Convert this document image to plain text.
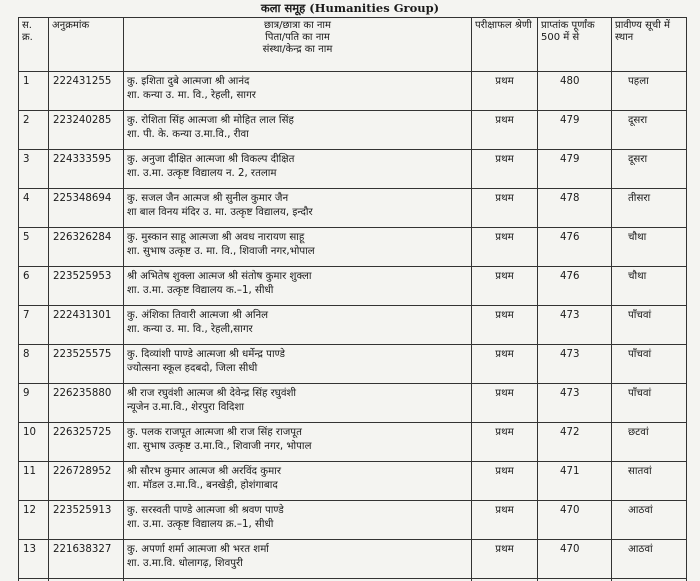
कला समूह (Humanities Group)
स. क्र.	अनुक्रमांक	छात्र/छात्रा का नाम
पिता/पति का नाम
संस्था/केन्द्र का नाम	परीक्षाफल श्रेणी	प्राप्तांक पूर्णांक 500 में से	प्रावीण्य सूची में स्थान
1	222431255	कु. इशिता दुबे आत्मजा श्री आनंद
शा. कन्या उ. मा. वि., रेहली, सागर	प्रथम	480	पहला
2	223240285	कु. रोशिता सिंह आत्मजा श्री मोहित लाल सिंह
शा. पी. के. कन्या उ.मा.वि., रीवा	प्रथम	479	दूसरा
3	224333595	कु. अनुजा दीक्षित आत्मजा श्री विकल्प दीक्षित
शा. उ.मा. उत्कृष्ट विद्यालय न. 2, रतलाम	प्रथम	479	दूसरा
4	225348694	कु. सजल जैन आत्मज श्री सुनील कुमार जैन
शा बाल विनय मंदिर उ. मा. उत्कृष्ट विद्यालय, इन्दौर	प्रथम	478	तीसरा
5	226326284	कु. मुस्कान साहू आत्मजा श्री अवध नारायण साहू
शा. सुभाष उत्कृष्ट उ. मा. वि., शिवाजी नगर,भोपाल	प्रथम	476	चौथा
6	223525953	श्री अभितेष शुक्ला आत्मज श्री संतोष कुमार शुक्ला
शा. उ.मा. उत्कृष्ट विद्यालय क.–1, सीधी	प्रथम	476	चौथा
7	222431301	कु. अंशिका तिवारी आत्मजा श्री अनिल
शा. कन्या उ. मा. वि., रेहली,सागर	प्रथम	473	पाँचवां
8	223525575	कु. दिव्यांशी पाण्डे आत्मजा श्री धर्मेन्द्र पाण्डे
ज्योत्सना स्कूल हदबदो, जिला सीधी	प्रथम	473	पाँचवां
9	226235880	श्री राज रघुवंशी आत्मज श्री देवेन्द्र सिंह रघुवंशी
न्यूजेन उ.मा.वि., शेरपुरा विदिशा	प्रथम	473	पाँचवां
10	226325725	कु. पलक राजपूत आत्मजा श्री राज सिंह राजपूत
शा. सुभाष उत्कृष्ट उ.मा.वि., शिवाजी नगर, भोपाल	प्रथम	472	छटवां
11	226728952	श्री सौरभ कुमार आत्मज श्री अरविंद कुमार
शा. मॉडल उ.मा.वि., बनखेड़ी, होशंगाबाद	प्रथम	471	सातवां
12	223525913	कु. सरस्वती पाण्डे आत्मजा श्री श्रवण पाण्डे
शा. उ.मा. उत्कृष्ट विद्यालय क्र.–1, सीधी	प्रथम	470	आठवां
13	221638327	कु. अपर्णा शर्मा आत्मजा श्री भरत शर्मा
शा. उ.मा.वि. धोलागढ़, शिवपुरी	प्रथम	470	आठवां
